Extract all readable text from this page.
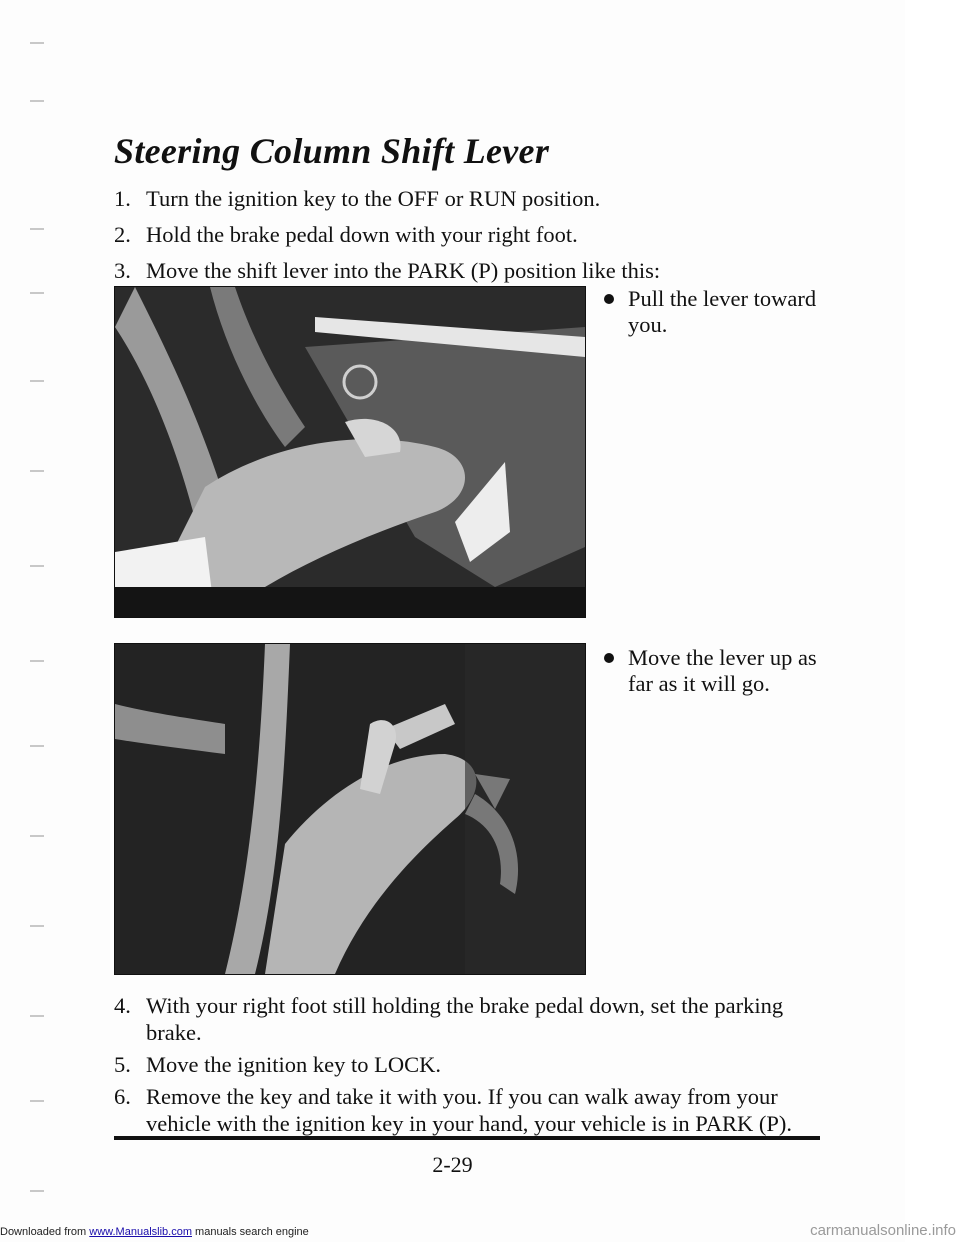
Steering Column Shift Lever
1. Turn the ignition key to the OFF or RUN position.
2. Hold the brake pedal down with your right foot.
3. Move the shift lever into the PARK (P) position like this:
Pull the lever toward you.
Move the lever up as far as it will go.
4. With your right foot still holding the brake pedal down, set the parking brake.
5. Move the ignition key to LOCK.
6. Remove the key and take it with you. If you can walk away from your vehicle with the ignition key in your hand, your vehicle is in PARK (P).
2-29
Downloaded from www.Manualslib.com manuals search engine	carmanualsonline.info
